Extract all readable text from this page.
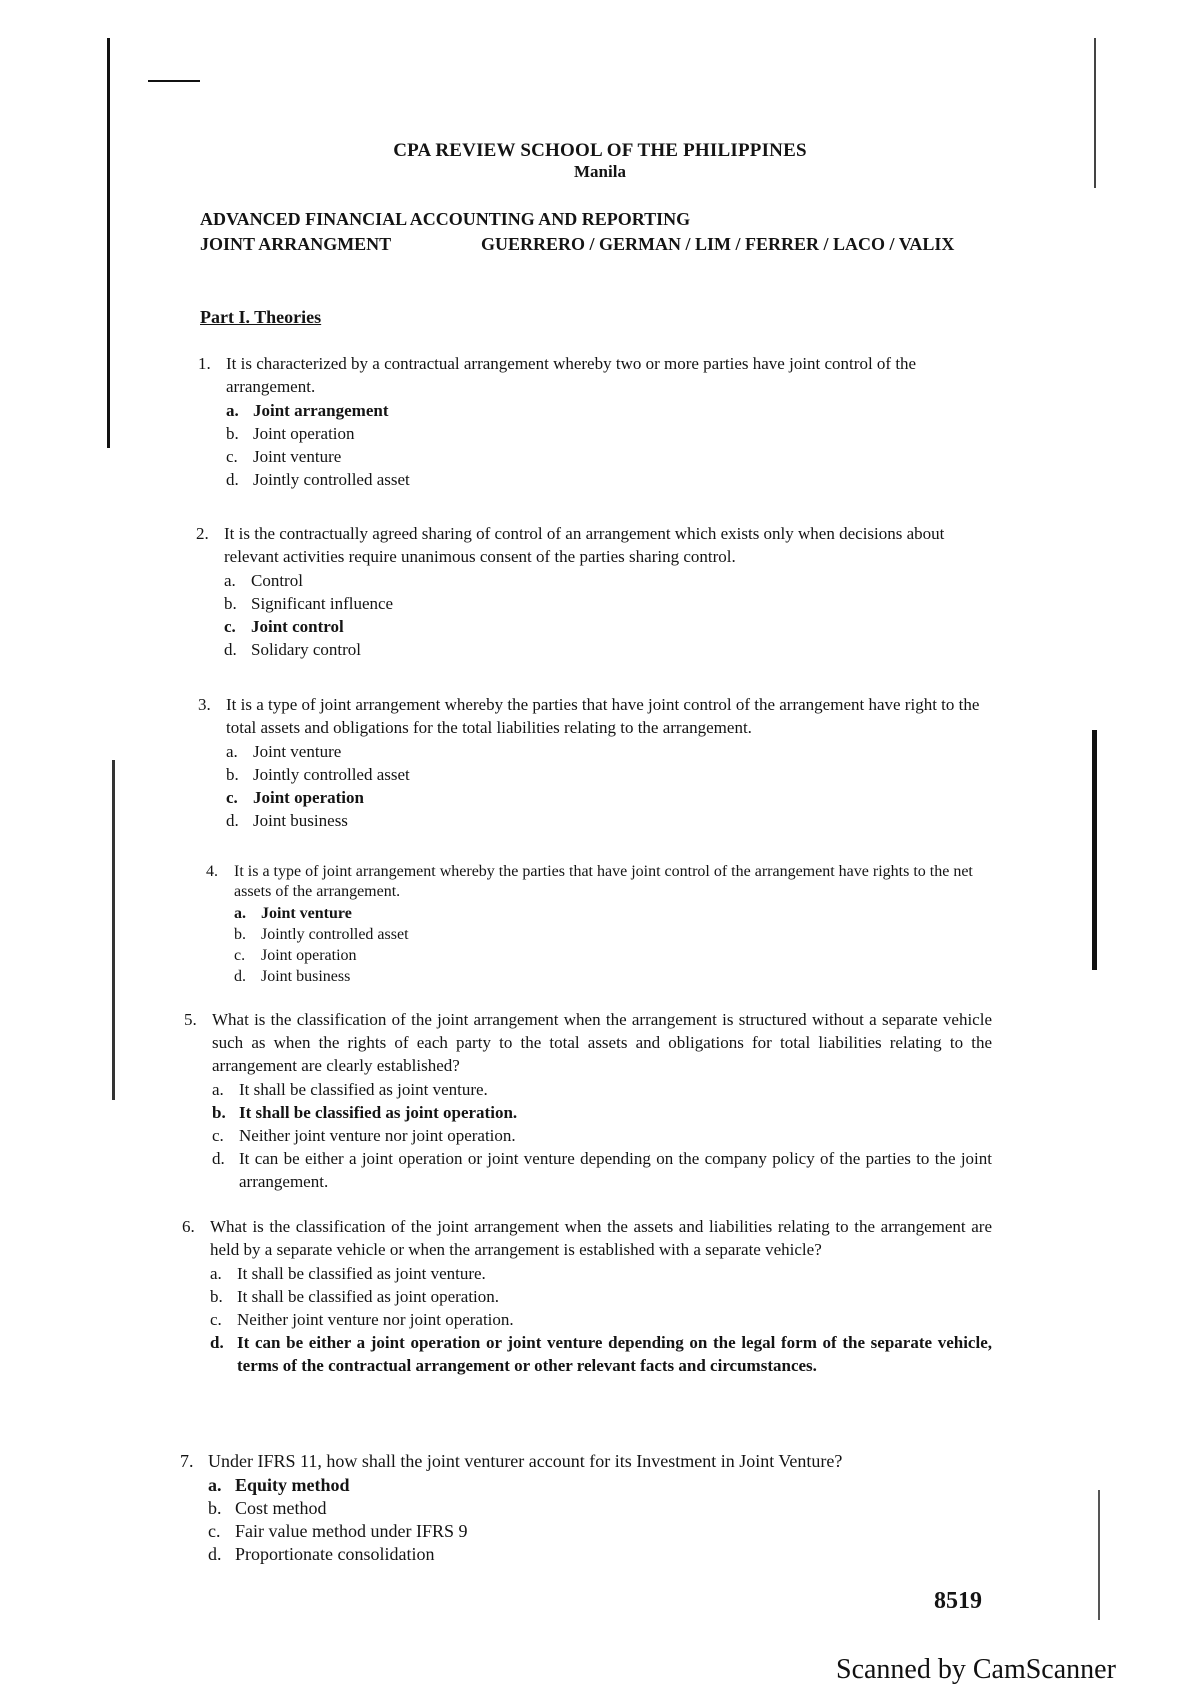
CPA REVIEW SCHOOL OF THE PHILIPPINES
Manila
ADVANCED FINANCIAL ACCOUNTING AND REPORTING
JOINT ARRANGMENT	GUERRERO / GERMAN / LIM / FERRER / LACO / VALIX
Part I. Theories
1. It is characterized by a contractual arrangement whereby two or more parties have joint control of the arrangement.
a. Joint arrangement
b. Joint operation
c. Joint venture
d. Jointly controlled asset
2. It is the contractually agreed sharing of control of an arrangement which exists only when decisions about relevant activities require unanimous consent of the parties sharing control.
a. Control
b. Significant influence
c. Joint control
d. Solidary control
3. It is a type of joint arrangement whereby the parties that have joint control of the arrangement have right to the total assets and obligations for the total liabilities relating to the arrangement.
a. Joint venture
b. Jointly controlled asset
c. Joint operation
d. Joint business
4.	It is a type of joint arrangement whereby the parties that have joint control of the arrangement have rights to the net assets of the arrangement.
a. Joint venture
b. Jointly controlled asset
c. Joint operation
d. Joint business
5. What is the classification of the joint arrangement when the arrangement is structured without a separate vehicle such as when the rights of each party to the total assets and obligations for total liabilities relating to the arrangement are clearly established?
a. It shall be classified as joint venture.
b. It shall be classified as joint operation.
c. Neither joint venture nor joint operation.
d. It can be either a joint operation or joint venture depending on the company policy of the parties to the joint arrangement.
6. What is the classification of the joint arrangement when the assets and liabilities relating to the arrangement are held by a separate vehicle or when the arrangement is established with a separate vehicle?
a. It shall be classified as joint venture.
b. It shall be classified as joint operation.
c. Neither joint venture nor joint operation.
d. It can be either a joint operation or joint venture depending on the legal form of the separate vehicle, terms of the contractual arrangement or other relevant facts and circumstances.
7. Under IFRS 11, how shall the joint venturer account for its Investment in Joint Venture?
a. Equity method
b. Cost method
c. Fair value method under IFRS 9
d. Proportionate consolidation
8519
Scanned by CamScanner
